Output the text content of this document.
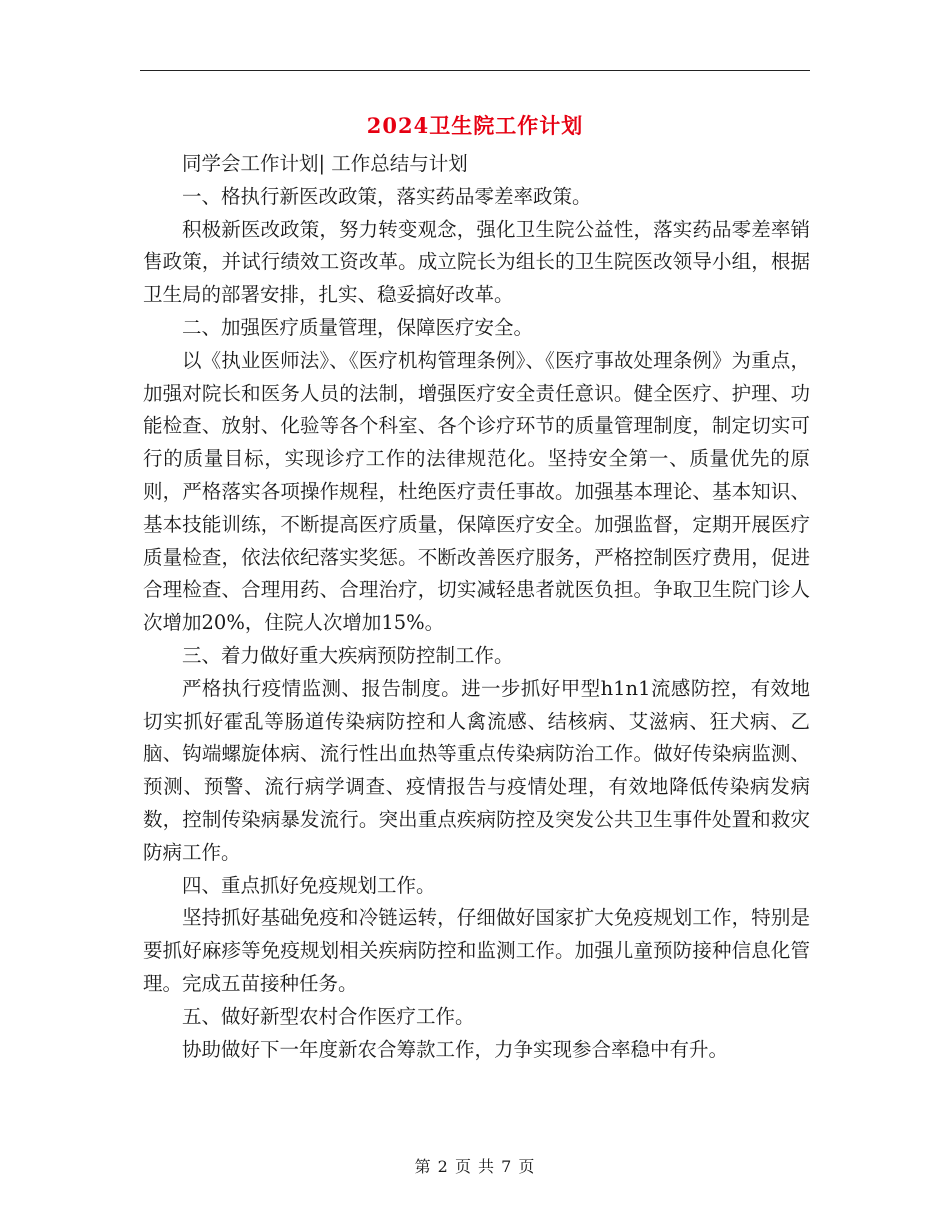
2024卫生院工作计划

同学会工作计划| 工作总结与计划

一、格执行新医改政策，落实药品零差率政策。

积极新医改政策，努力转变观念，强化卫生院公益性，落实药品零差率销售政策，并试行绩效工资改革。成立院长为组长的卫生院医改领导小组，根据卫生局的部署安排，扎实、稳妥搞好改革。

二、加强医疗质量管理，保障医疗安全。

以《执业医师法》、《医疗机构管理条例》、《医疗事故处理条例》为重点，加强对院长和医务人员的法制，增强医疗安全责任意识。健全医疗、护理、功能检查、放射、化验等各个科室、各个诊疗环节的质量管理制度，制定切实可行的质量目标，实现诊疗工作的法律规范化。坚持安全第一、质量优先的原则，严格落实各项操作规程，杜绝医疗责任事故。加强基本理论、基本知识、基本技能训练，不断提高医疗质量，保障医疗安全。加强监督，定期开展医疗质量检查，依法依纪落实奖惩。不断改善医疗服务，严格控制医疗费用，促进合理检查、合理用药、合理治疗，切实减轻患者就医负担。争取卫生院门诊人次增加20%，住院人次增加15%。

三、着力做好重大疾病预防控制工作。

严格执行疫情监测、报告制度。进一步抓好甲型h1n1流感防控，有效地切实抓好霍乱等肠道传染病防控和人禽流感、结核病、艾滋病、狂犬病、乙脑、钩端螺旋体病、流行性出血热等重点传染病防治工作。做好传染病监测、预测、预警、流行病学调查、疫情报告与疫情处理，有效地降低传染病发病数，控制传染病暴发流行。突出重点疾病防控及突发公共卫生事件处置和救灾防病工作。

四、重点抓好免疫规划工作。

坚持抓好基础免疫和冷链运转，仔细做好国家扩大免疫规划工作，特别是要抓好麻疹等免疫规划相关疾病防控和监测工作。加强儿童预防接种信息化管理。完成五苗接种任务。

五、做好新型农村合作医疗工作。

协助做好下一年度新农合筹款工作，力争实现参合率稳中有升。

第 2 页 共 7 页
